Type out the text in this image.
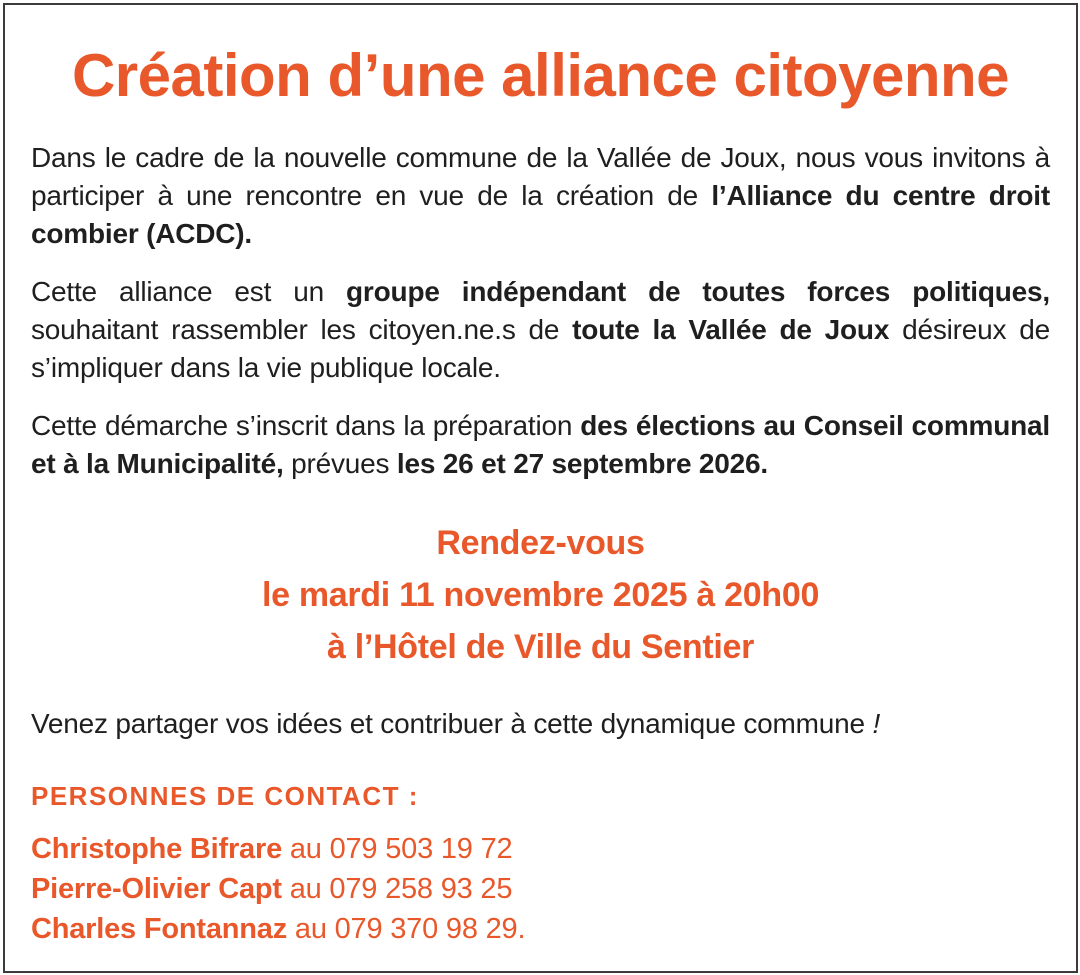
Création d’une alliance citoyenne

Dans le cadre de la nouvelle commune de la Vallée de Joux, nous vous invitons à participer à une rencontre en vue de la création de l’Alliance du centre droit combier (ACDC).

Cette alliance est un groupe indépendant de toutes forces politiques, souhaitant rassembler les citoyen.ne.s de toute la Vallée de Joux désireux de s’impliquer dans la vie publique locale.

Cette démarche s’inscrit dans la préparation des élections au Conseil communal et à la Municipalité, prévues les 26 et 27 septembre 2026.

Rendez-vous
le mardi 11 novembre 2025 à 20h00
à l’Hôtel de Ville du Sentier

Venez partager vos idées et contribuer à cette dynamique commune !

PERSONNES DE CONTACT :
Christophe Bifrare au 079 503 19 72
Pierre-Olivier Capt au 079 258 93 25
Charles Fontannaz au 079 370 98 29.
